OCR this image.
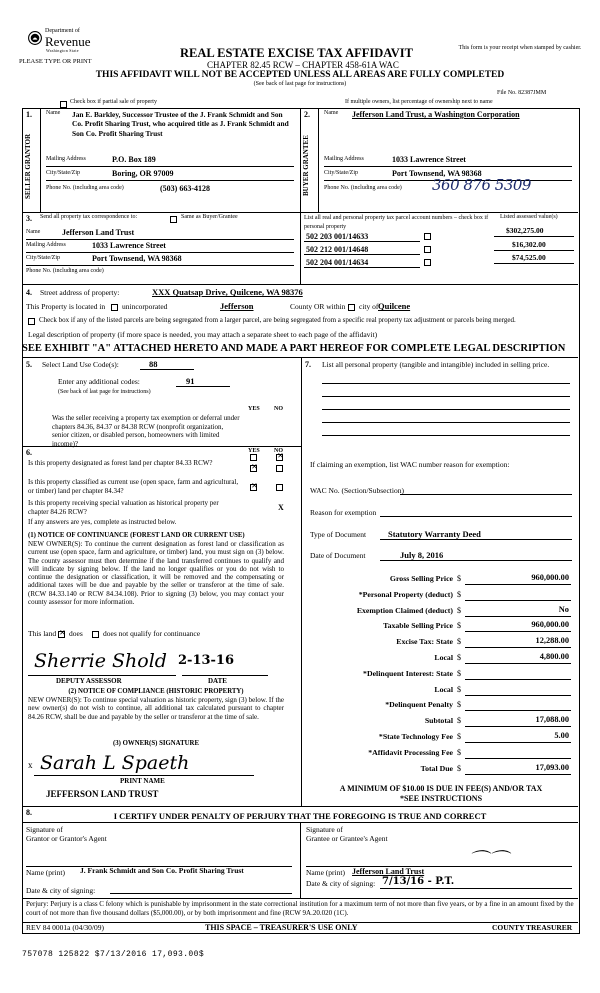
Department of
Revenue
Washington State
PLEASE TYPE OR PRINT
REAL ESTATE EXCISE TAX AFFIDAVIT
CHAPTER 82.45 RCW – CHAPTER 458-61A WAC
This form is your receipt when stamped by cashier.
THIS AFFIDAVIT WILL NOT BE ACCEPTED UNLESS ALL AREAS ARE FULLY COMPLETED
(See back of last page for instructions)
File No. 82387JMM
Check box if partial sale of property	If multiple owners, list percentage of ownership next to name
SELLER GRANTOR	BUYER GRANTEE
1. Name Jan E. Barkley, Successor Trustee of the J. Frank Schmidt and Son Co. Profit Sharing Trust, who acquired title as J. Frank Schmidt and Son Co. Profit Sharing Trust
Mailing Address	P.O. Box 189
City/State/Zip	Boring, OR 97009
Phone No. (including area code)	(503) 663-4128
2. Name Jefferson Land Trust, a Washington Corporation
Mailing Address	1033 Lawrence Street
City/State/Zip	Port Townsend, WA 98368
Phone No. (including area code) 360 876 5309
3. Send all property tax correspondence to:	Same as Buyer/Grantee
Name	Jefferson Land Trust
Mailing Address	1033 Lawrence Street
City/State/Zip	Port Townsend, WA 98368
Phone No. (including area code)
List all real and personal property tax parcel account numbers – check box if personal property
Listed assessed value(s)
502 203 001/14633
$302,275.00
502 212 001/14648
$16,302.00
502 204 001/14634
$74,525.00
4. Street address of property:	XXX Quatsap Drive, Quilcene, WA 98376
This Property is located in unincorporated	Jefferson	County OR within city of Quilcene
Check box if any of the listed parcels are being segregated from a larger parcel, are being segregated from a specific real property tax adjustment or parcels being merged.
Legal description of property (if more space is needed, you may attach a separate sheet to each page of the affidavit)
SEE EXHIBIT "A" ATTACHED HERETO AND MADE A PART HEREOF FOR COMPLETE LEGAL DESCRIPTION
5. Select Land Use Code(s):	88
Enter any additional codes:	91
(See back of last page for instructions)
YES NO
Was the seller receiving a property tax exemption or deferral under chapters 84.36, 84.37 or 84.38 RCW (nonprofit organization, senior citizen, or disabled person, homeowners with limited income)?
✕
6.	YES NO
Is this property designated as forest land per chapter 84.33 RCW?
✕
Is this property classified as current use (open space, farm and agricultural, or timber) land per chapter 84.34?
✕
Is this property receiving special valuation as historical property per chapter 84.26 RCW?	X
If any answers are yes, complete as instructed below.
(1) NOTICE OF CONTINUANCE (FOREST LAND OR CURRENT USE)
NEW OWNER(S): To continue the current designation as forest land or classification as current use (open space, farm and agriculture, or timber) land, you must sign on (3) below. The county assessor must then determine if the land transferred continues to qualify and will indicate by signing below. If the land no longer qualifies or you do not wish to continue the designation or classification, it will be removed and the compensating or additional taxes will be due and payable by the seller or transferor at the time of sale. (RCW 84.33.140 or RCW 84.34.108). Prior to signing (3) below, you may contact your county assessor for more information.
This land ✕ does	does not qualify for continuance
Sherrie Shold 2-13-16
DEPUTY ASSESSOR	DATE
(2) NOTICE OF COMPLIANCE (HISTORIC PROPERTY)
NEW OWNER(S): To continue special valuation as historic property, sign (3) below. If the new owner(s) do not wish to continue, all additional tax calculated pursuant to chapter 84.26 RCW, shall be due and payable by the seller or transferor at the time of sale.
(3) OWNER(S) SIGNATURE
x Sarah L Spaeth
PRINT NAME
JEFFERSON LAND TRUST
7. List all personal property (tangible and intangible) included in selling price.
If claiming an exemption, list WAC number reason for exemption:
WAC No. (Section/Subsection)
Reason for exemption
Type of Document	Statutory Warranty Deed
Date of Document	July 8, 2016
Gross Selling Price $	960,000.00
*Personal Property (deduct) $
Exemption Claimed (deduct) $	No
Taxable Selling Price $	960,000.00
Excise Tax: State $	12,288.00
Local $	4,800.00
*Delinquent Interest: State $
Local $
*Delinquent Penalty $
Subtotal $	17,088.00
*State Technology Fee $	5.00
*Affidavit Processing Fee $
Total Due $	17,093.00
A MINIMUM OF $10.00 IS DUE IN FEE(S) AND/OR TAX
*SEE INSTRUCTIONS
8.	I CERTIFY UNDER PENALTY OF PERJURY THAT THE FOREGOING IS TRUE AND CORRECT
Signature of
Grantor or Grantor's Agent
Name (print) J. Frank Schmidt and Son Co. Profit Sharing Trust
Date & city of signing:
Signature of
Grantee or Grantee's Agent
Name (print) Jefferson Land Trust ⌒⌒
Date & city of signing: 7/13/16 - P.T.
Perjury: Perjury is a class C felony which is punishable by imprisonment in the state correctional institution for a maximum term of not more than five years, or by a fine in an amount fixed by the court of not more than five thousand dollars ($5,000.00), or by both imprisonment and fine (RCW 9A.20.020 (1C).
REV 84 0001a (04/30/09)	THIS SPACE – TREASURER'S USE ONLY	COUNTY TREASURER
757078 125822 $7/13/2016 17,093.00$
